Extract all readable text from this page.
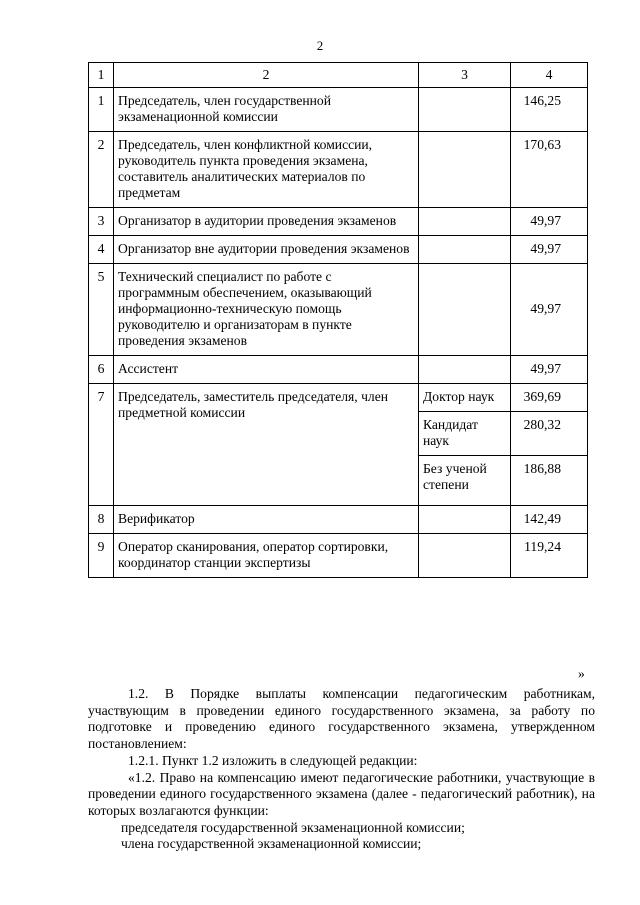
2
1	2	3	4
1	Председатель, член государственной экзаменационной комиссии		146,25
2	Председатель, член конфликтной комиссии, руководитель пункта проведения экзамена, составитель аналитических материалов по предметам		170,63
3	Организатор в аудитории проведения экзаменов		49,97
4	Организатор вне аудитории проведения экзаменов		49,97
5	Технический специалист по работе с программным обеспечением, оказывающий информационно-техническую помощь руководителю и организаторам в пункте проведения экзаменов		49,97
6	Ассистент		49,97
7	Председатель, заместитель председателя, член предметной комиссии	Доктор наук	369,69
		Кандидат наук	280,32
		Без ученой степени	186,88
8	Верификатор		142,49
9	Оператор сканирования, оператор сортировки, координатор станции экспертизы		119,24
»

1.2. В Порядке выплаты компенсации педагогическим работникам, участвующим в проведении единого государственного экзамена, за работу по подготовке и проведению единого государственного экзамена, утвержденном постановлением:

1.2.1. Пункт 1.2 изложить в следующей редакции:

«1.2. Право на компенсацию имеют педагогические работники, участвующие в проведении единого государственного экзамена (далее - педагогический работник), на которых возлагаются функции:

председателя государственной экзаменационной комиссии;

члена государственной экзаменационной комиссии;
